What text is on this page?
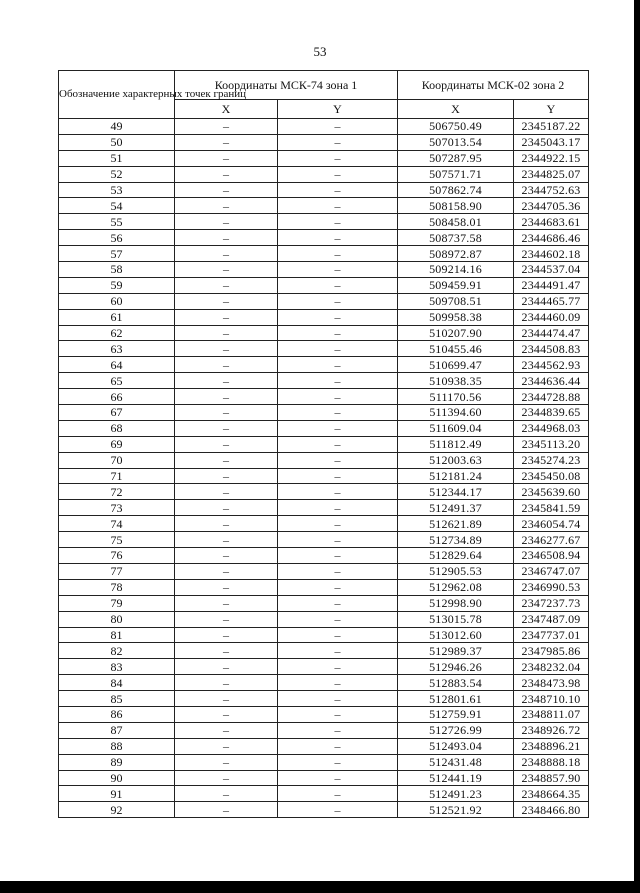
53
Обозначение характерных точек границ	Координаты МСК-74 зона 1		Координаты МСК-02 зона 2	
	X	Y	X	Y
49	–	–	506750.49	2345187.22
50	–	–	507013.54	2345043.17
51	–	–	507287.95	2344922.15
52	–	–	507571.71	2344825.07
53	–	–	507862.74	2344752.63
54	–	–	508158.90	2344705.36
55	–	–	508458.01	2344683.61
56	–	–	508737.58	2344686.46
57	–	–	508972.87	2344602.18
58	–	–	509214.16	2344537.04
59	–	–	509459.91	2344491.47
60	–	–	509708.51	2344465.77
61	–	–	509958.38	2344460.09
62	–	–	510207.90	2344474.47
63	–	–	510455.46	2344508.83
64	–	–	510699.47	2344562.93
65	–	–	510938.35	2344636.44
66	–	–	511170.56	2344728.88
67	–	–	511394.60	2344839.65
68	–	–	511609.04	2344968.03
69	–	–	511812.49	2345113.20
70	–	–	512003.63	2345274.23
71	–	–	512181.24	2345450.08
72	–	–	512344.17	2345639.60
73	–	–	512491.37	2345841.59
74	–	–	512621.89	2346054.74
75	–	–	512734.89	2346277.67
76	–	–	512829.64	2346508.94
77	–	–	512905.53	2346747.07
78	–	–	512962.08	2346990.53
79	–	–	512998.90	2347237.73
80	–	–	513015.78	2347487.09
81	–	–	513012.60	2347737.01
82	–	–	512989.37	2347985.86
83	–	–	512946.26	2348232.04
84	–	–	512883.54	2348473.98
85	–	–	512801.61	2348710.10
86	–	–	512759.91	2348811.07
87	–	–	512726.99	2348926.72
88	–	–	512493.04	2348896.21
89	–	–	512431.48	2348888.18
90	–	–	512441.19	2348857.90
91	–	–	512491.23	2348664.35
92	–	–	512521.92	2348466.80
